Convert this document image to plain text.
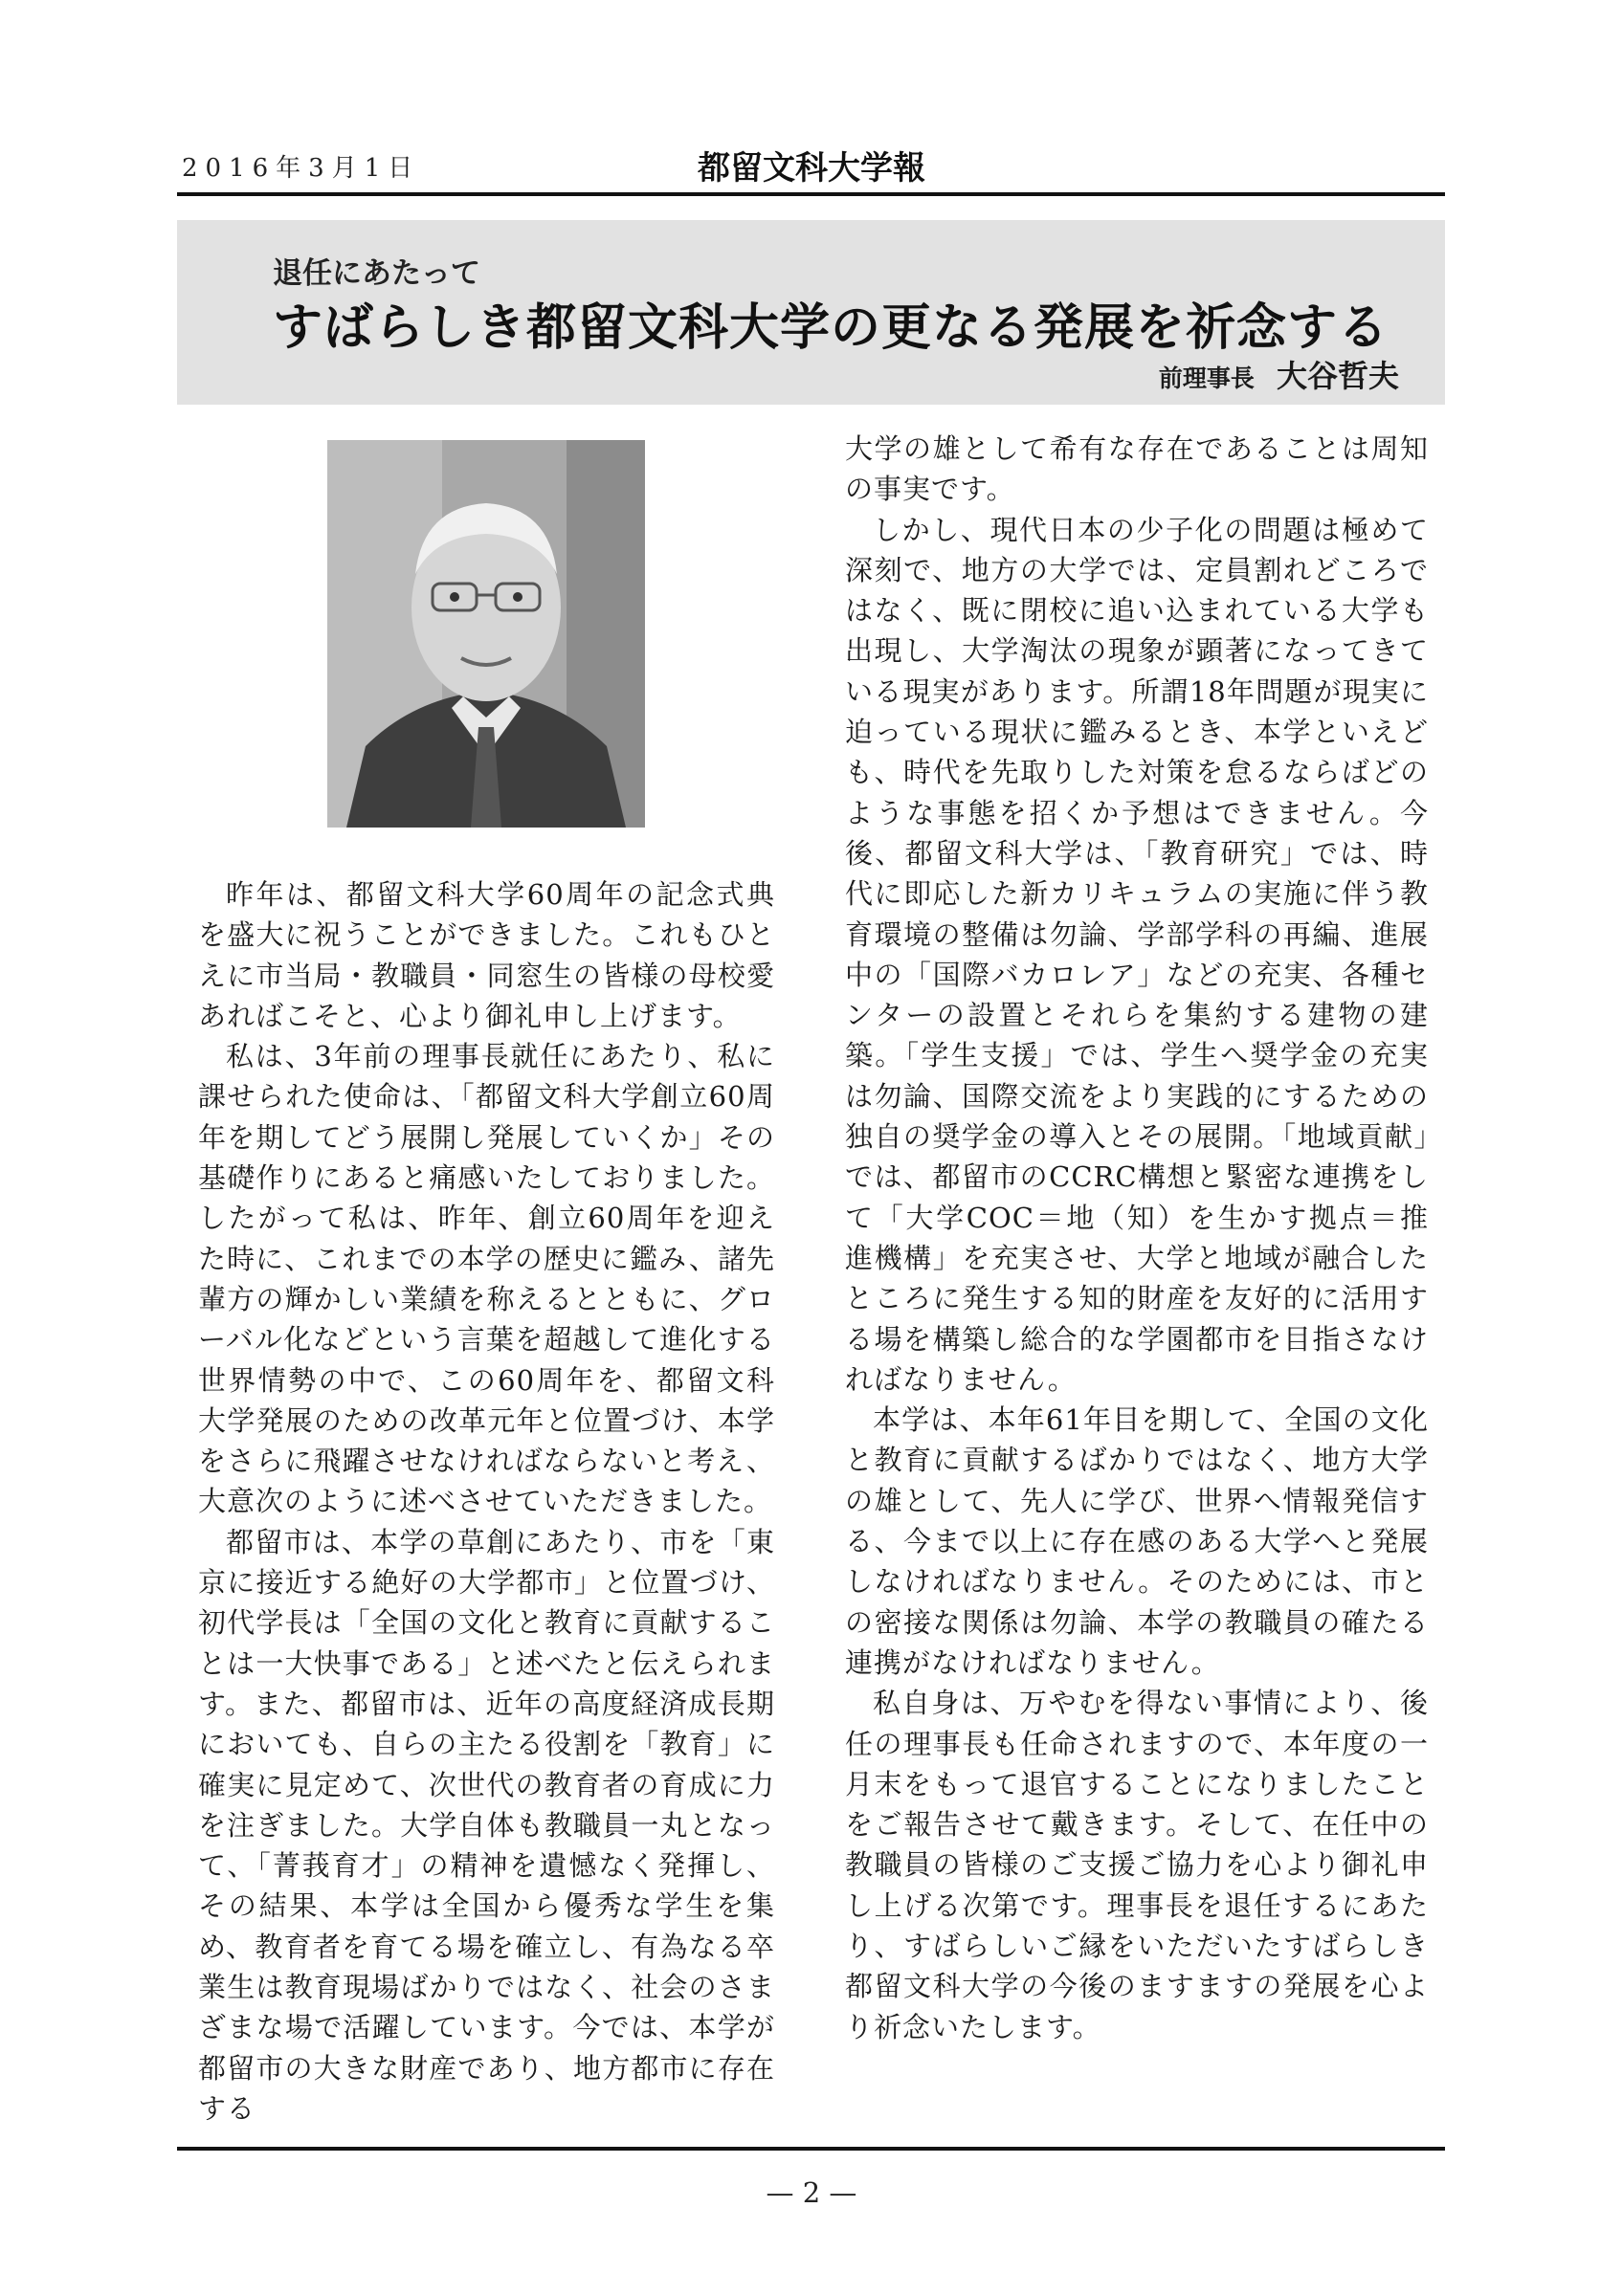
2016年3月1日	都留文科大学報
退任にあたって
すばらしき都留文科大学の更なる発展を祈念する
前理事長 大谷哲夫

昨年は、都留文科大学60周年の記念式典を盛大に祝うことができました。これもひとえに市当局・教職員・同窓生の皆様の母校愛あればこそと、心より御礼申し上げます。

私は、3年前の理事長就任にあたり、私に課せられた使命は、「都留文科大学創立60周年を期してどう展開し発展していくか」その基礎作りにあると痛感いたしておりました。したがって私は、昨年、創立60周年を迎えた時に、これまでの本学の歴史に鑑み、諸先輩方の輝かしい業績を称えるとともに、グローバル化などという言葉を超越して進化する世界情勢の中で、この60周年を、都留文科大学発展のための改革元年と位置づけ、本学をさらに飛躍させなければならないと考え、大意次のように述べさせていただきました。

都留市は、本学の草創にあたり、市を「東京に接近する絶好の大学都市」と位置づけ、初代学長は「全国の文化と教育に貢献することは一大快事である」と述べたと伝えられます。また、都留市は、近年の高度経済成長期においても、自らの主たる役割を「教育」に確実に見定めて、次世代の教育者の育成に力を注ぎました。大学自体も教職員一丸となって、「菁莪育才」の精神を遺憾なく発揮し、その結果、本学は全国から優秀な学生を集め、教育者を育てる場を確立し、有為なる卒業生は教育現場ばかりではなく、社会のさまざまな場で活躍しています。今では、本学が都留市の大きな財産であり、地方都市に存在する

大学の雄として希有な存在であることは周知の事実です。

しかし、現代日本の少子化の問題は極めて深刻で、地方の大学では、定員割れどころではなく、既に閉校に追い込まれている大学も出現し、大学淘汰の現象が顕著になってきている現実があります。所謂18年問題が現実に迫っている現状に鑑みるとき、本学といえども、時代を先取りした対策を怠るならばどのような事態を招くか予想はできません。今後、都留文科大学は、「教育研究」では、時代に即応した新カリキュラムの実施に伴う教育環境の整備は勿論、学部学科の再編、進展中の「国際バカロレア」などの充実、各種センターの設置とそれらを集約する建物の建築。「学生支援」では、学生へ奨学金の充実は勿論、国際交流をより実践的にするための独自の奨学金の導入とその展開。「地域貢献」では、都留市のCCRC構想と緊密な連携をして「大学COC＝地（知）を生かす拠点＝推進機構」を充実させ、大学と地域が融合したところに発生する知的財産を友好的に活用する場を構築し総合的な学園都市を目指さなければなりません。

本学は、本年61年目を期して、全国の文化と教育に貢献するばかりではなく、地方大学の雄として、先人に学び、世界へ情報発信する、今まで以上に存在感のある大学へと発展しなければなりません。そのためには、市との密接な関係は勿論、本学の教職員の確たる連携がなければなりません。

私自身は、万やむを得ない事情により、後任の理事長も任命されますので、本年度の一月末をもって退官することになりましたことをご報告させて戴きます。そして、在任中の教職員の皆様のご支援ご協力を心より御礼申し上げる次第です。理事長を退任するにあたり、すばらしいご縁をいただいたすばらしき都留文科大学の今後のますますの発展を心より祈念いたします。

— 2 —
